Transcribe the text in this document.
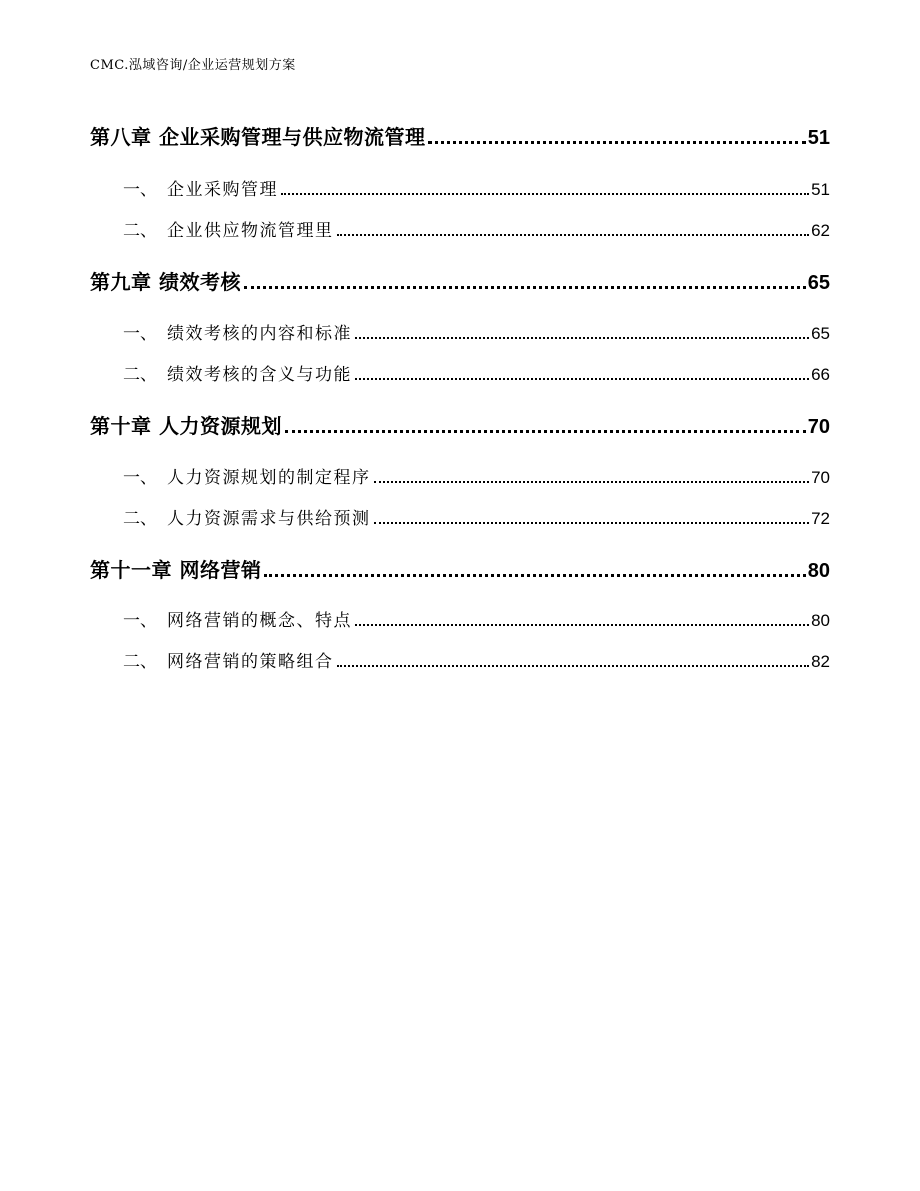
CMC.泓域咨询/企业运营规划方案
第八章 企业采购管理与供应物流管理	51
一、 企业采购管理	51
二、 企业供应物流管理里	62
第九章 绩效考核	65
一、 绩效考核的内容和标准	65
二、 绩效考核的含义与功能	66
第十章 人力资源规划	70
一、 人力资源规划的制定程序	70
二、 人力资源需求与供给预测	72
第十一章 网络营销	80
一、 网络营销的概念、特点	80
二、 网络营销的策略组合	82
